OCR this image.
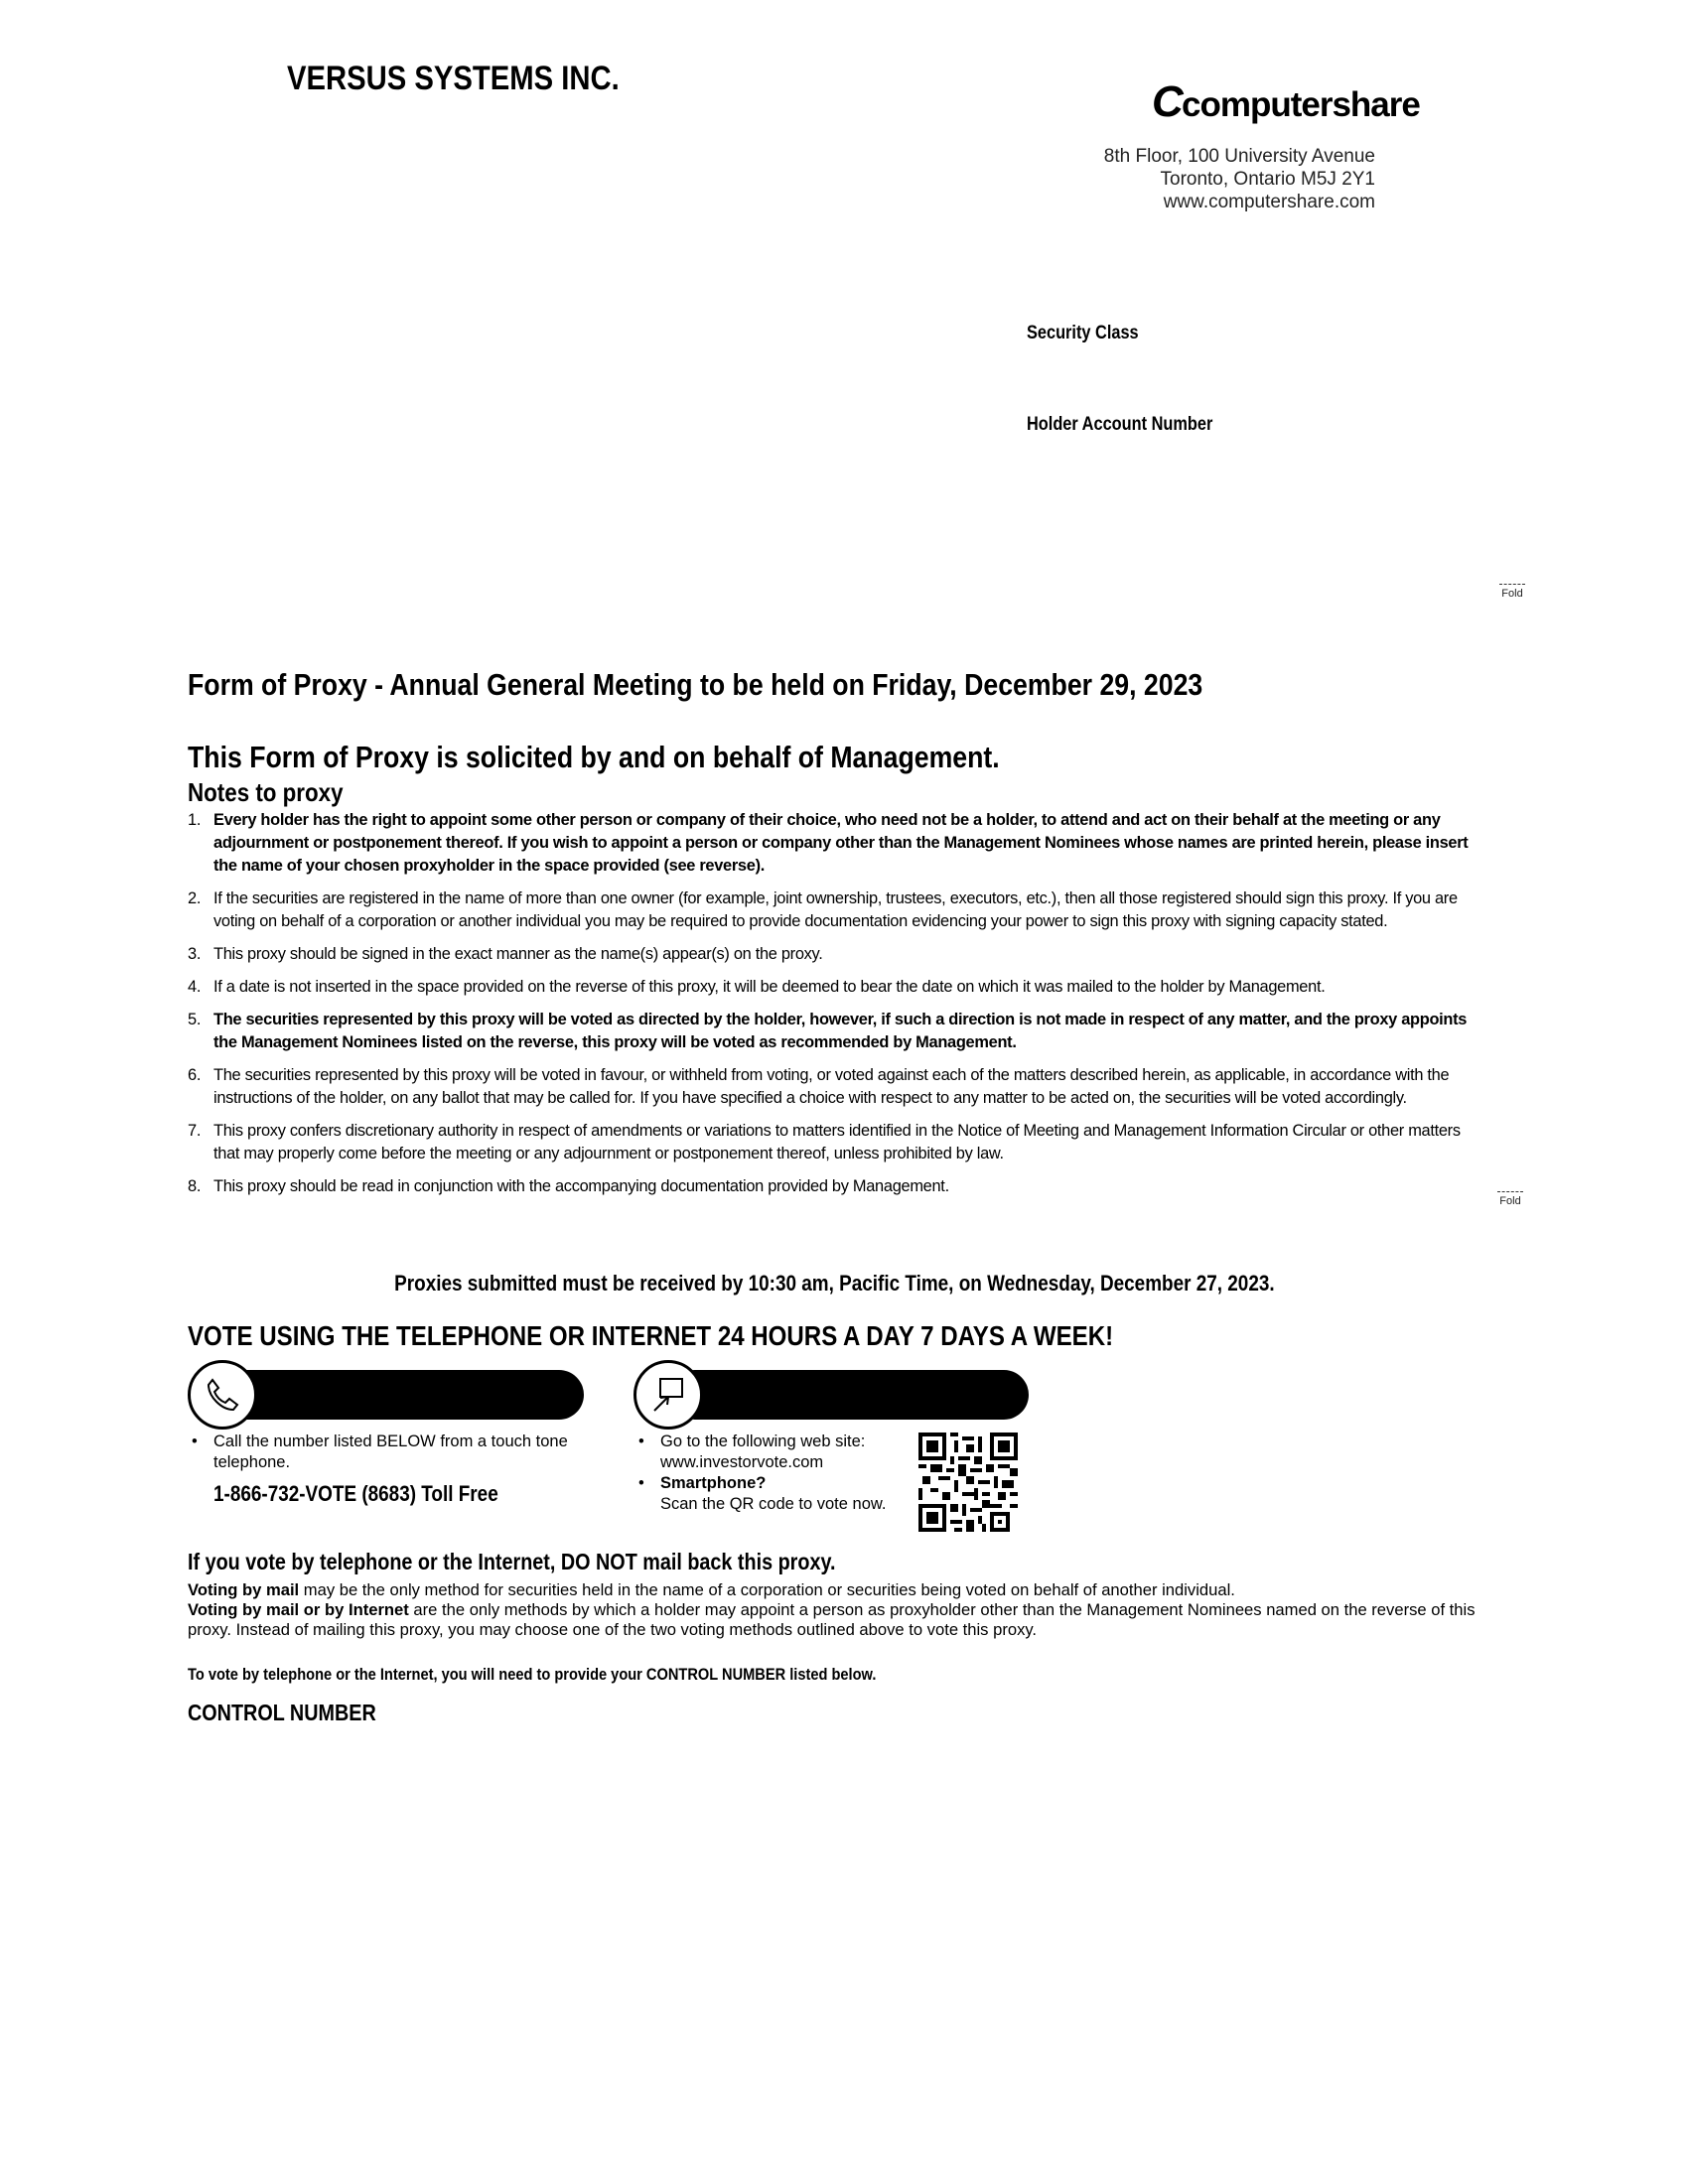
VERSUS SYSTEMS INC.	C
computershare
8th Floor, 100 University Avenue
Toronto, Ontario M5J 2Y1
www.computershare.com
Security Class
Holder Account Number
Fold
Form of Proxy - Annual General Meeting to be held on Friday, December 29, 2023
This Form of Proxy is solicited by and on behalf of Management.
Notes to proxy
1. Every holder has the right to appoint some other person or company of their choice, who need not be a holder, to attend and act on their behalf at the meeting or any adjournment or postponement thereof. If you wish to appoint a person or company other than the Management Nominees whose names are printed herein, please insert the name of your chosen proxyholder in the space provided (see reverse).
2. If the securities are registered in the name of more than one owner (for example, joint ownership, trustees, executors, etc.), then all those registered should sign this proxy. If you are voting on behalf of a corporation or another individual you may be required to provide documentation evidencing your power to sign this proxy with signing capacity stated.
3. This proxy should be signed in the exact manner as the name(s) appear(s) on the proxy.
4. If a date is not inserted in the space provided on the reverse of this proxy, it will be deemed to bear the date on which it was mailed to the holder by Management.
5. The securities represented by this proxy will be voted as directed by the holder, however, if such a direction is not made in respect of any matter, and the proxy appoints the Management Nominees listed on the reverse, this proxy will be voted as recommended by Management.
6. The securities represented by this proxy will be voted in favour, or withheld from voting, or voted against each of the matters described herein, as applicable, in accordance with the instructions of the holder, on any ballot that may be called for. If you have specified a choice with respect to any matter to be acted on, the securities will be voted accordingly.
7. This proxy confers discretionary authority in respect of amendments or variations to matters identified in the Notice of Meeting and Management Information Circular or other matters that may properly come before the meeting or any adjournment or postponement thereof, unless prohibited by law.
8. This proxy should be read in conjunction with the accompanying documentation provided by Management.
Fold
Proxies submitted must be received by 10:30 am, Pacific Time, on Wednesday, December 27, 2023.
VOTE USING THE TELEPHONE OR INTERNET 24 HOURS A DAY 7 DAYS A WEEK!
• Call the number listed BELOW from a touch tone telephone.
1-866-732-VOTE (8683) Toll Free
• Go to the following web site:
www.investorvote.com
• Smartphone?
Scan the QR code to vote now.
If you vote by telephone or the Internet, DO NOT mail back this proxy.
Voting by mail may be the only method for securities held in the name of a corporation or securities being voted on behalf of another individual.
Voting by mail or by Internet are the only methods by which a holder may appoint a person as proxyholder other than the Management Nominees named on the reverse of this proxy. Instead of mailing this proxy, you may choose one of the two voting methods outlined above to vote this proxy.
To vote by telephone or the Internet, you will need to provide your CONTROL NUMBER listed below.
CONTROL NUMBER
